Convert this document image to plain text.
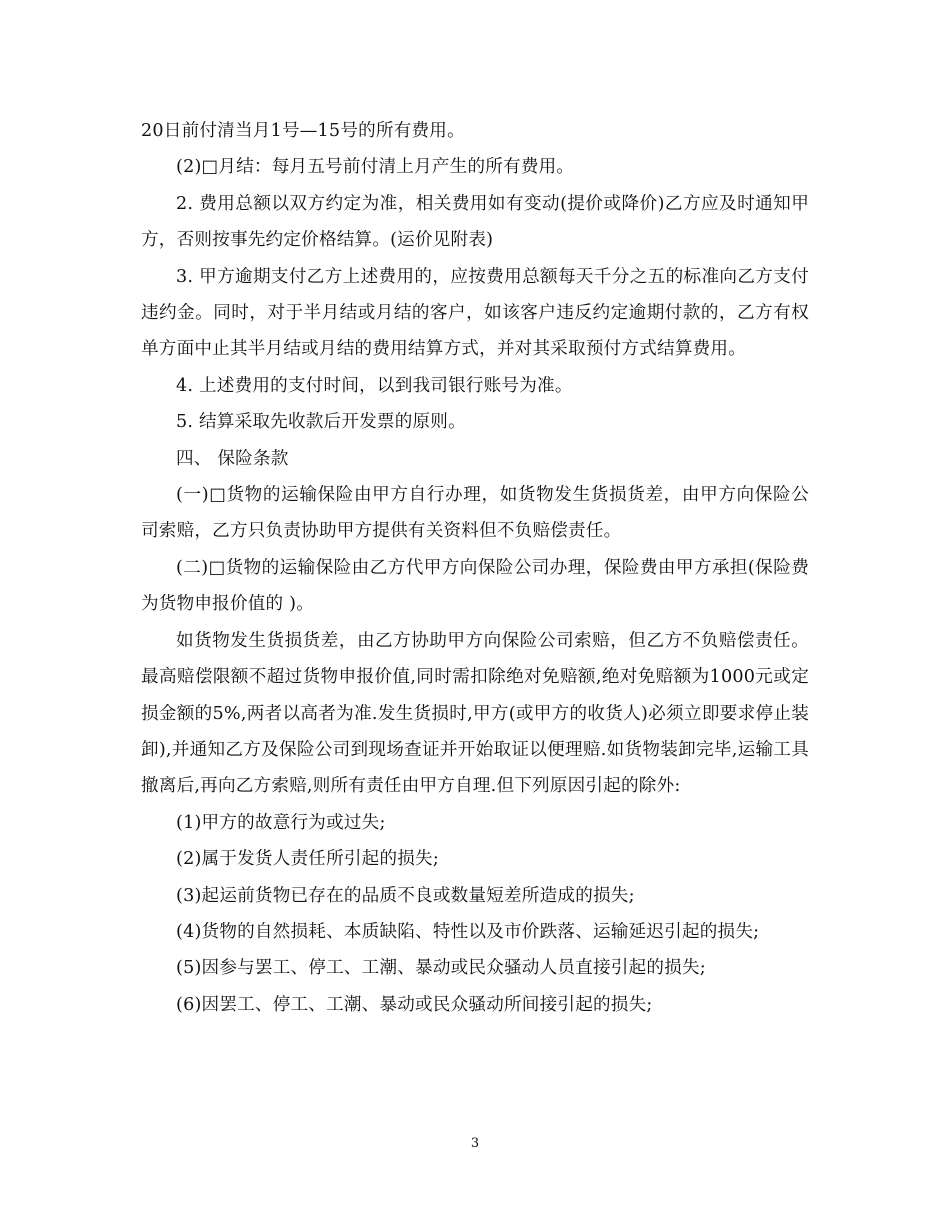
20日前付清当月1号—15号的所有费用。

(2)□月结：每月五号前付清上月产生的所有费用。

2. 费用总额以双方约定为准，相关费用如有变动(提价或降价)乙方应及时通知甲方，否则按事先约定价格结算。(运价见附表)

3. 甲方逾期支付乙方上述费用的，应按费用总额每天千分之五的标准向乙方支付违约金。同时，对于半月结或月结的客户，如该客户违反约定逾期付款的，乙方有权单方面中止其半月结或月结的费用结算方式，并对其采取预付方式结算费用。

4. 上述费用的支付时间，以到我司银行账号为准。

5. 结算采取先收款后开发票的原则。

四、 保险条款

(一)□货物的运输保险由甲方自行办理，如货物发生货损货差，由甲方向保险公司索赔，乙方只负责协助甲方提供有关资料但不负赔偿责任。

(二)□货物的运输保险由乙方代甲方向保险公司办理，保险费由甲方承担(保险费为货物申报价值的 )。

如货物发生货损货差，由乙方协助甲方向保险公司索赔，但乙方不负赔偿责任。最高赔偿限额不超过货物申报价值,同时需扣除绝对免赔额,绝对免赔额为1000元或定损金额的5%,两者以高者为准.发生货损时,甲方(或甲方的收货人)必须立即要求停止装卸),并通知乙方及保险公司到现场查证并开始取证以便理赔.如货物装卸完毕,运输工具撤离后,再向乙方索赔,则所有责任由甲方自理.但下列原因引起的除外:

(1)甲方的故意行为或过失;

(2)属于发货人责任所引起的损失;

(3)起运前货物已存在的品质不良或数量短差所造成的损失;

(4)货物的自然损耗、本质缺陷、特性以及市价跌落、运输延迟引起的损失;

(5)因参与罢工、停工、工潮、暴动或民众骚动人员直接引起的损失;

(6)因罢工、停工、工潮、暴动或民众骚动所间接引起的损失;

3
